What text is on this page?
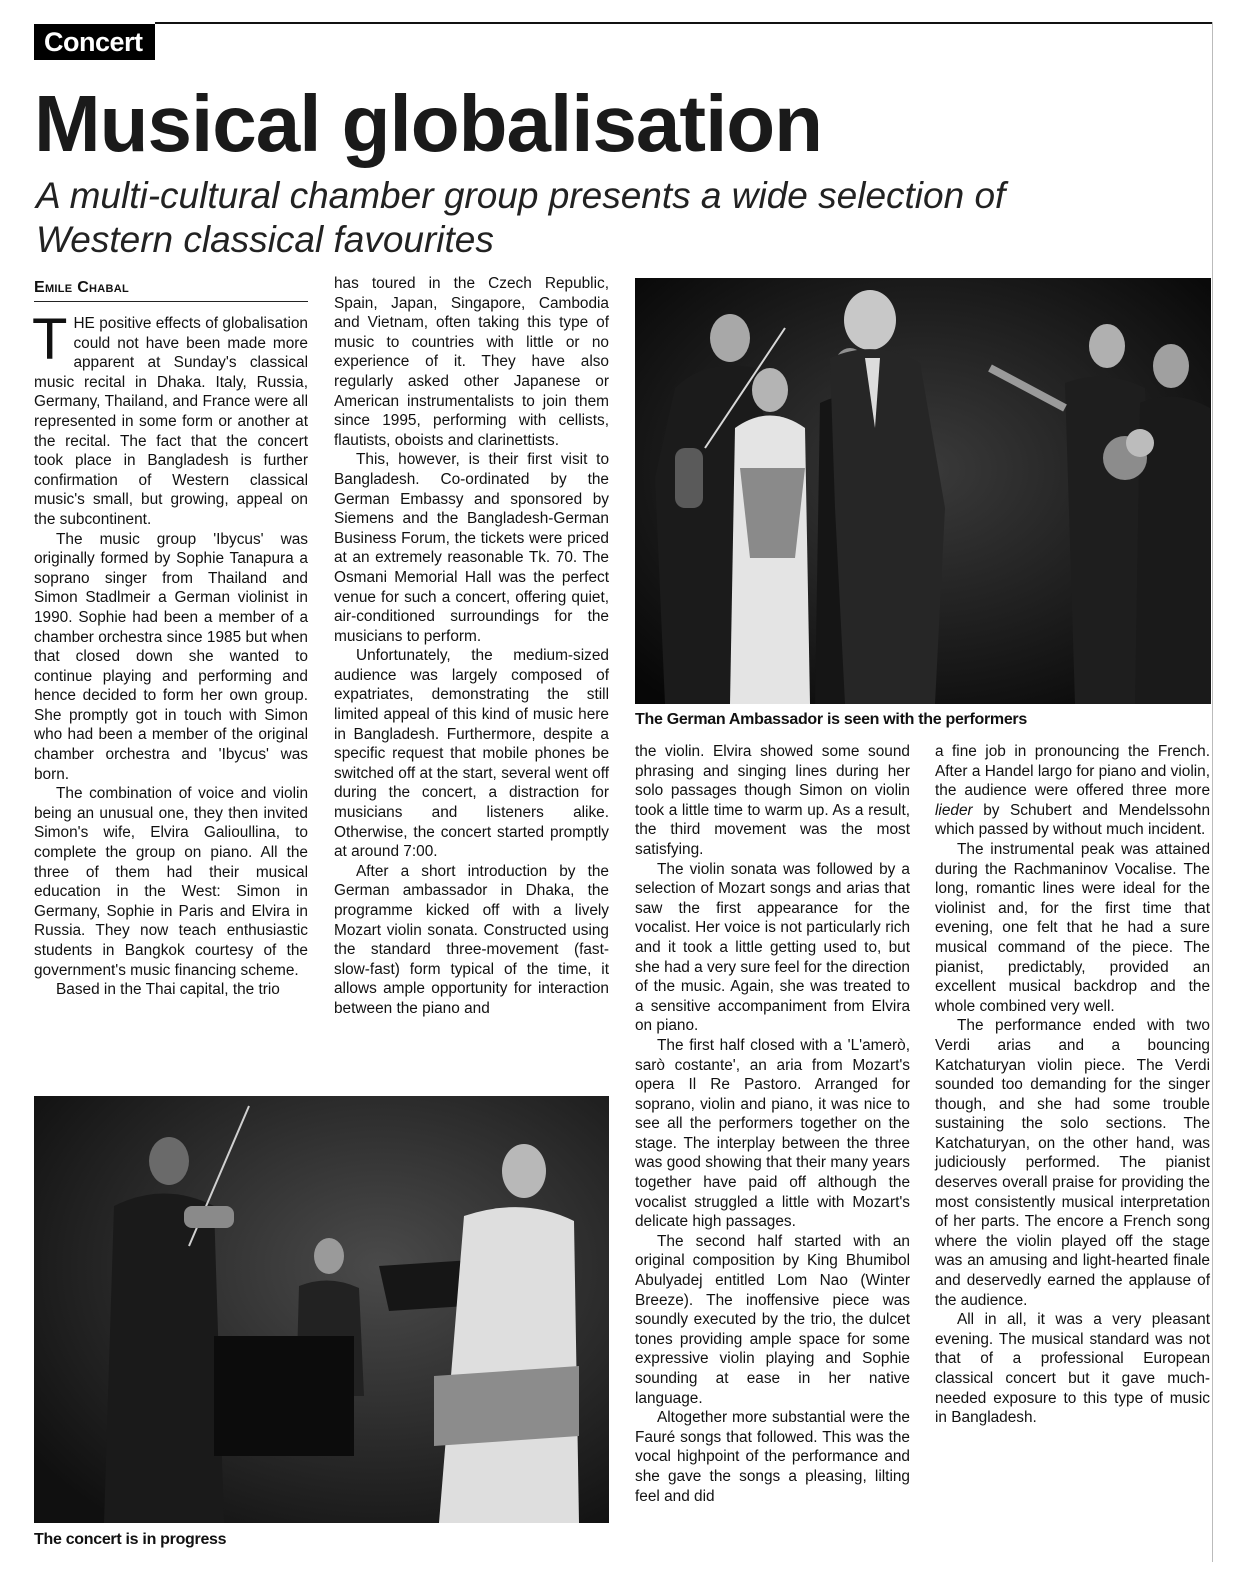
Concert
Musical globalisation

A multi-cultural chamber group presents a wide selection of Western classical favourites

Emile Chabal

THE positive effects of globalisation could not have been made more apparent at Sunday's classical music recital in Dhaka. Italy, Russia, Germany, Thailand, and France were all represented in some form or another at the recital. The fact that the concert took place in Bangladesh is further confirmation of Western classical music's small, but growing, appeal on the subcontinent.

The music group 'Ibycus' was originally formed by Sophie Tanapura a soprano singer from Thailand and Simon Stadlmeir a German violinist in 1990. Sophie had been a member of a chamber orchestra since 1985 but when that closed down she wanted to continue playing and performing and hence decided to form her own group. She promptly got in touch with Simon who had been a member of the original chamber orchestra and 'Ibycus' was born.

The combination of voice and violin being an unusual one, they then invited Simon's wife, Elvira Galioullina, to complete the group on piano. All the three of them had their musical education in the West: Simon in Germany, Sophie in Paris and Elvira in Russia. They now teach enthusiastic students in Bangkok courtesy of the government's music financing scheme.

Based in the Thai capital, the trio

has toured in the Czech Republic, Spain, Japan, Singapore, Cambodia and Vietnam, often taking this type of music to countries with little or no experience of it. They have also regularly asked other Japanese or American instrumentalists to join them since 1995, performing with cellists, flautists, oboists and clarinettists.

This, however, is their first visit to Bangladesh. Co-ordinated by the German Embassy and sponsored by Siemens and the Bangladesh-German Business Forum, the tickets were priced at an extremely reasonable Tk. 70. The Osmani Memorial Hall was the perfect venue for such a concert, offering quiet, air-conditioned surroundings for the musicians to perform.

Unfortunately, the medium-sized audience was largely composed of expatriates, demonstrating the still limited appeal of this kind of music here in Bangladesh. Furthermore, despite a specific request that mobile phones be switched off at the start, several went off during the concert, a distraction for musicians and listeners alike. Otherwise, the concert started promptly at around 7:00.

After a short introduction by the German ambassador in Dhaka, the programme kicked off with a lively Mozart violin sonata. Constructed using the standard three-movement (fast-slow-fast) form typical of the time, it allows ample opportunity for interaction between the piano and

the violin. Elvira showed some sound phrasing and singing lines during her solo passages though Simon on violin took a little time to warm up. As a result, the third movement was the most satisfying.

The violin sonata was followed by a selection of Mozart songs and arias that saw the first appearance for the vocalist. Her voice is not particularly rich and it took a little getting used to, but she had a very sure feel for the direction of the music. Again, she was treated to a sensitive accompaniment from Elvira on piano.

The first half closed with a 'L'amerò, sarò costante', an aria from Mozart's opera Il Re Pastoro. Arranged for soprano, violin and piano, it was nice to see all the performers together on the stage. The interplay between the three was good showing that their many years together have paid off although the vocalist struggled a little with Mozart's delicate high passages.

The second half started with an original composition by King Bhumibol Abulyadej entitled Lom Nao (Winter Breeze). The inoffensive piece was soundly executed by the trio, the dulcet tones providing ample space for some expressive violin playing and Sophie sounding at ease in her native language.

Altogether more substantial were the Fauré songs that followed. This was the vocal highpoint of the performance and she gave the songs a pleasing, lilting feel and did

a fine job in pronouncing the French. After a Handel largo for piano and violin, the audience were offered three more lieder by Schubert and Mendelssohn which passed by without much incident.

The instrumental peak was attained during the Rachmaninov Vocalise. The long, romantic lines were ideal for the violinist and, for the first time that evening, one felt that he had a sure musical command of the piece. The pianist, predictably, provided an excellent musical backdrop and the whole combined very well.

The performance ended with two Verdi arias and a bouncing Katchaturyan violin piece. The Verdi sounded too demanding for the singer though, and she had some trouble sustaining the solo sections. The Katchaturyan, on the other hand, was judiciously performed. The pianist deserves overall praise for providing the most consistently musical interpretation of her parts. The encore a French song where the violin played off the stage was an amusing and light-hearted finale and deservedly earned the applause of the audience.

All in all, it was a very pleasant evening. The musical standard was not that of a professional European classical concert but it gave much-needed exposure to this type of music in Bangladesh.

The German Ambassador is seen with the performers
The concert is in progress
